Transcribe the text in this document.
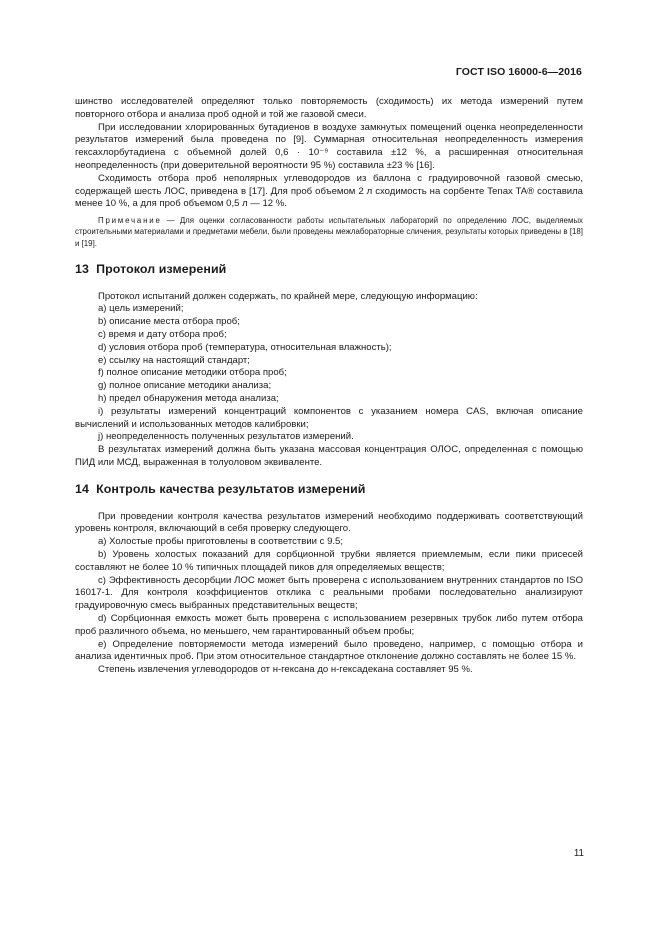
ГОСТ ISO 16000-6—2016

шинство исследователей определяют только повторяемость (сходимость) их метода измерений путем повторного отбора и анализа проб одной и той же газовой смеси.

При исследовании хлорированных бутадиенов в воздухе замкнутых помещений оценка неопределенности результатов измерений была проведена по [9]. Суммарная относительная неопределенность измерения гексахлорбутадиена с объемной долей 0,6 · 10⁻⁹ составила ±12 %, а расширенная относительная неопределенность (при доверительной вероятности 95 %) составила ±23 % [16].

Сходимость отбора проб неполярных углеводородов из баллона с градуировочной газовой смесью, содержащей шесть ЛОС, приведена в [17]. Для проб объемом 2 л сходимость на сорбенте Tenax TA® составила менее 10 %, а для проб объемом 0,5 л — 12 %.

Примечание — Для оценки согласованности работы испытательных лабораторий по определению ЛОС, выделяемых строительными материалами и предметами мебели, были проведены межлабораторные сличения, результаты которых приведены в [18] и [19].

13 Протокол измерений

Протокол испытаний должен содержать, по крайней мере, следующую информацию:

a) цель измерений;

b) описание места отбора проб;

c) время и дату отбора проб;

d) условия отбора проб (температура, относительная влажность);

e) ссылку на настоящий стандарт;

f) полное описание методики отбора проб;

g) полное описание методики анализа;

h) предел обнаружения метода анализа;

i) результаты измерений концентраций компонентов с указанием номера CAS, включая описание вычислений и использованных методов калибровки;

j) неопределенность полученных результатов измерений.

В результатах измерений должна быть указана массовая концентрация ОЛОС, определенная с помощью ПИД или МСД, выраженная в толуоловом эквиваленте.

14 Контроль качества результатов измерений

При проведении контроля качества результатов измерений необходимо поддерживать соответствующий уровень контроля, включающий в себя проверку следующего.

a) Холостые пробы приготовлены в соответствии с 9.5;

b) Уровень холостых показаний для сорбционной трубки является приемлемым, если пики присесей составляют не более 10 % типичных площадей пиков для определяемых веществ;

c) Эффективность десорбции ЛОС может быть проверена с использованием внутренних стандартов по ISO 16017-1. Для контроля коэффициентов отклика с реальными пробами последовательно анализируют градуировочную смесь выбранных представительных веществ;

d) Сорбционная емкость может быть проверена с использованием резервных трубок либо путем отбора проб различного объема, но меньшего, чем гарантированный объем пробы;

e) Определение повторяемости метода измерений было проведено, например, с помощью отбора и анализа идентичных проб. При этом относительное стандартное отклонение должно составлять не более 15 %.

Степень извлечения углеводородов от н-гексана до н-гексадекана составляет 95 %.

11
